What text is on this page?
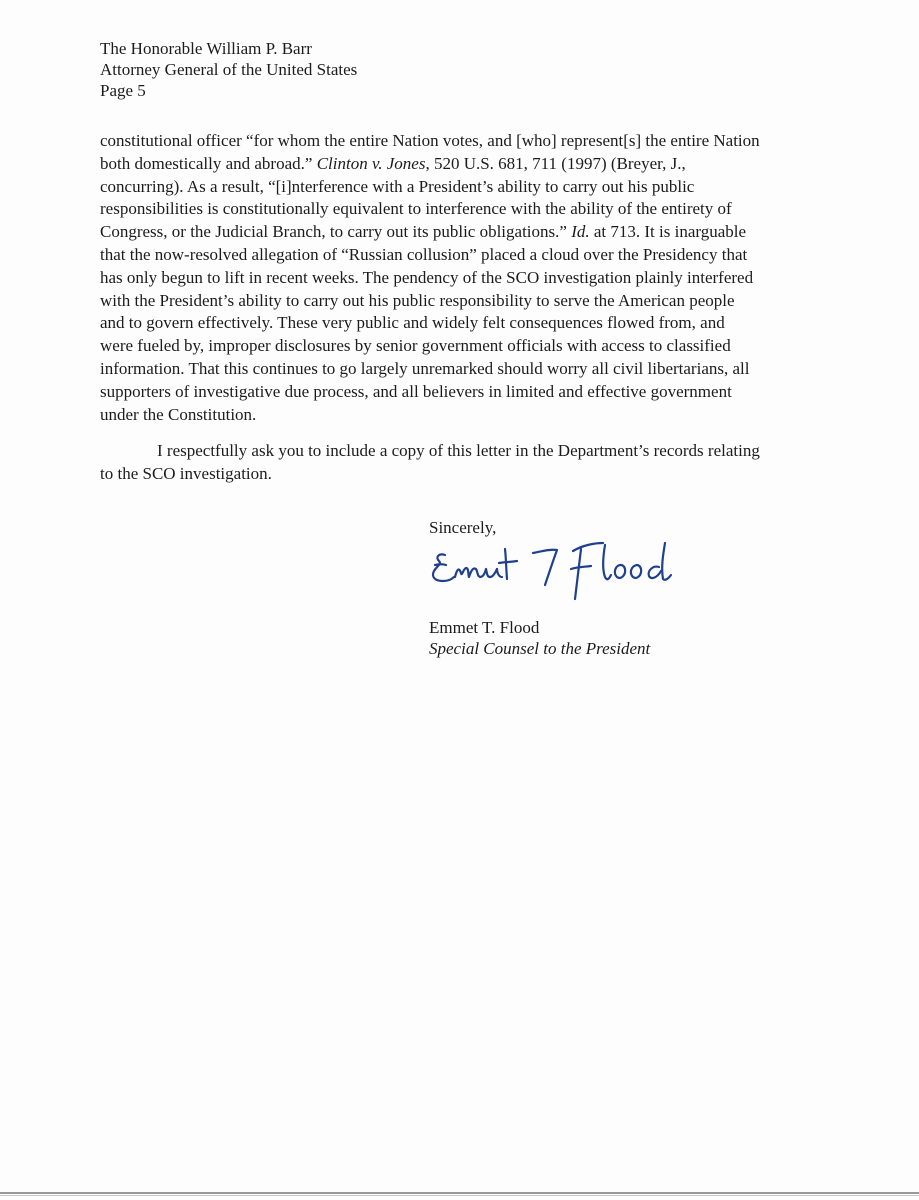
The Honorable William P. Barr
Attorney General of the United States
Page 5
constitutional officer “for whom the entire Nation votes, and [who] represent[s] the entire Nation
both domestically and abroad.” Clinton v. Jones, 520 U.S. 681, 711 (1997) (Breyer, J.,
concurring). As a result, “[i]nterference with a President’s ability to carry out his public
responsibilities is constitutionally equivalent to interference with the ability of the entirety of
Congress, or the Judicial Branch, to carry out its public obligations.” Id. at 713. It is inarguable
that the now-resolved allegation of “Russian collusion” placed a cloud over the Presidency that
has only begun to lift in recent weeks. The pendency of the SCO investigation plainly interfered
with the President’s ability to carry out his public responsibility to serve the American people
and to govern effectively. These very public and widely felt consequences flowed from, and
were fueled by, improper disclosures by senior government officials with access to classified
information. That this continues to go largely unremarked should worry all civil libertarians, all
supporters of investigative due process, and all believers in limited and effective government
under the Constitution.
I respectfully ask you to include a copy of this letter in the Department’s records relating
to the SCO investigation.
Sincerely,
Emmet T. Flood
Special Counsel to the President
